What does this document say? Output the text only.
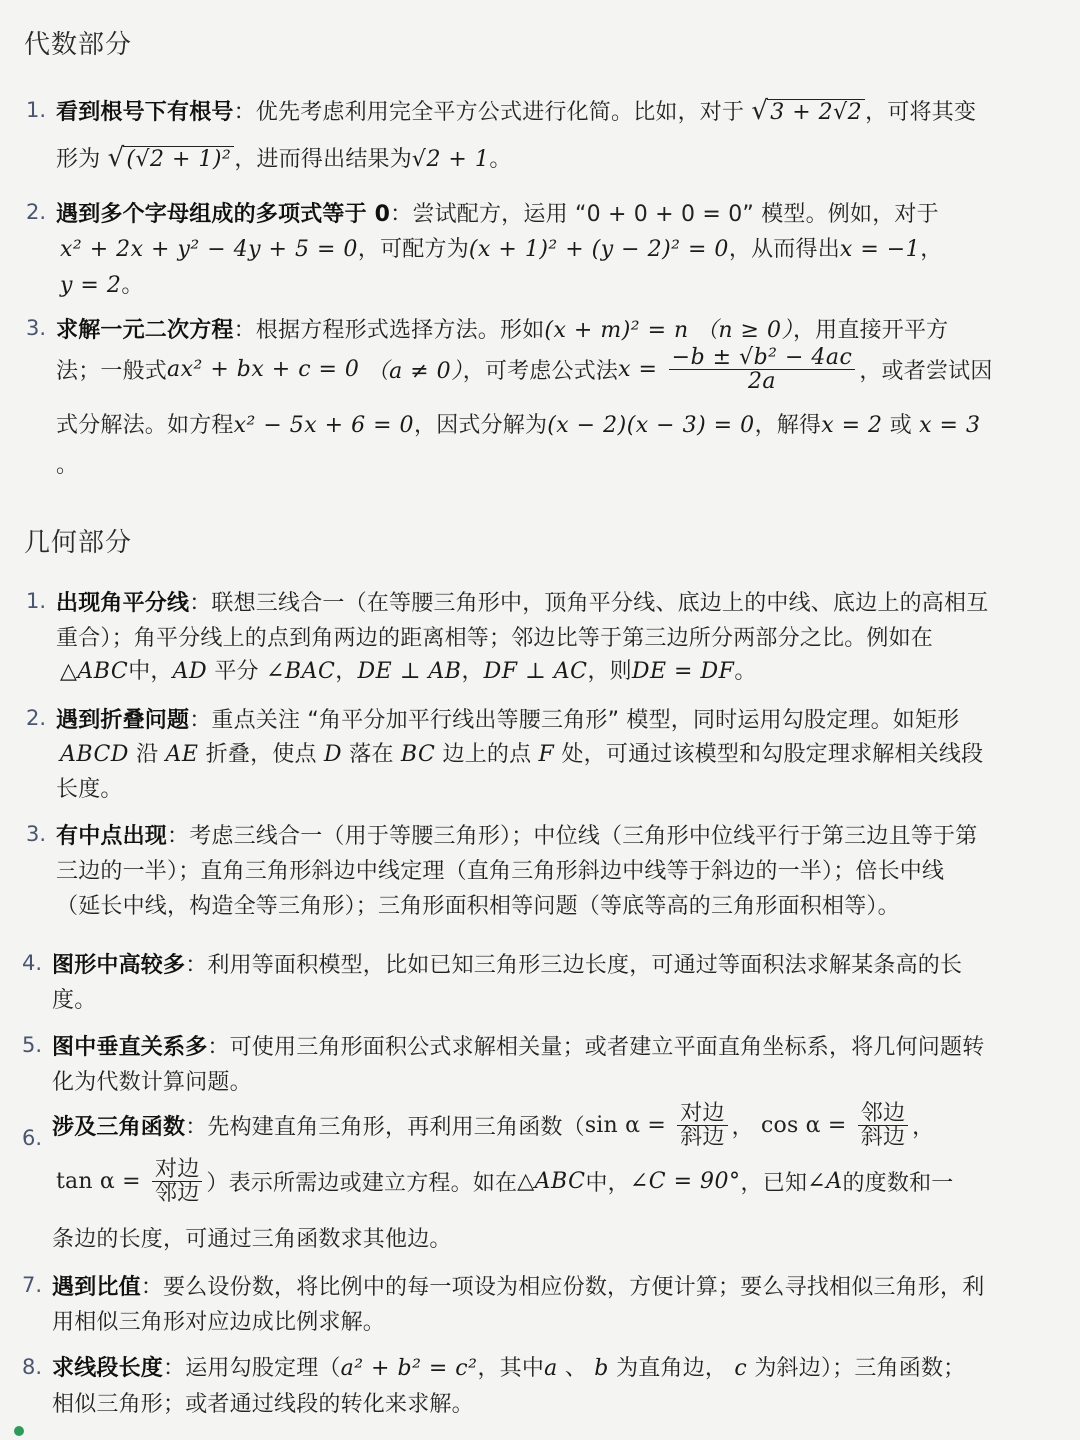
代数部分
1. 看到根号下有根号：优先考虑利用完全平方公式进行化简。比如，对于 √3 + 2√2 ，可将其变
形为 √(√2 + 1)² ，进而得出结果为√2 + 1。
2. 遇到多个字母组成的多项式等于 0：尝试配方，运用 “0 + 0 + 0 = 0” 模型。例如，对于
x² + 2x + y² − 4y + 5 = 0，可配方为(x + 1)² + (y − 2)² = 0，从而得出x = −1，
y = 2。
3. 求解一元二次方程：根据方程形式选择方法。形如(x + m)² = n （n ≥ 0），用直接开平方
法；一般式ax² + bx + c = 0 （a ≠ 0），可考虑公式法$x = \frac{\text{−b ± √b² − 4ac}}{2a}$ ，或者尝试因
式分解法。如方程x² − 5x + 6 = 0，因式分解为(x − 2)(x − 3) = 0，解得x = 2 或 x = 3
。
几何部分
1. 出现角平分线：联想三线合一（在等腰三角形中，顶角平分线、底边上的中线、底边上的高相互
重合）；角平分线上的点到角两边的距离相等；邻边比等于第三边所分两部分之比。例如在
△ABC中，AD 平分 ∠BAC，DE ⊥ AB，DF ⊥ AC，则DE = DF。
2. 遇到折叠问题：重点关注 “角平分加平行线出等腰三角形” 模型，同时运用勾股定理。如矩形
ABCD 沿 AE 折叠，使点 D 落在 BC 边上的点 F 处，可通过该模型和勾股定理求解相关线段
长度。
3. 有中点出现：考虑三线合一（用于等腰三角形）；中位线（三角形中位线平行于第三边且等于第
三边的一半）；直角三角形斜边中线定理（直角三角形斜边中线等于斜边的一半）；倍长中线
（延长中线，构造全等三角形）；三角形面积相等问题（等底等高的三角形面积相等）。
4. 图形中高较多：利用等面积模型，比如已知三角形三边长度，可通过等面积法求解某条高的长
度。
5. 图中垂直关系多：可使用三角形面积公式求解相关量；或者建立平面直角坐标系，将几何问题转
化为代数计算问题。
6. 涉及三角函数：先构建直角三角形，再利用三角函数（sin $\alpha = \frac{\text{对边}}{\text{斜边}}$ ， $\cos \alpha = \frac{\text{邻边}}{\text{斜边}}$ ，
$\tan \alpha = \frac{\text{对边}}{\text{邻边}}$ ）表示所需边或建立方程。如在△ABC中，∠C = 90°，已知∠A的度数和一
条边的长度，可通过三角函数求其他边。
7. 遇到比值：要么设份数，将比例中的每一项设为相应份数，方便计算；要么寻找相似三角形，利
用相似三角形对应边成比例求解。
8. 求线段长度：运用勾股定理（a² + b² = c²，其中a 、 b 为直角边， c 为斜边）；三角函数；
相似三角形；或者通过线段的转化来求解。
